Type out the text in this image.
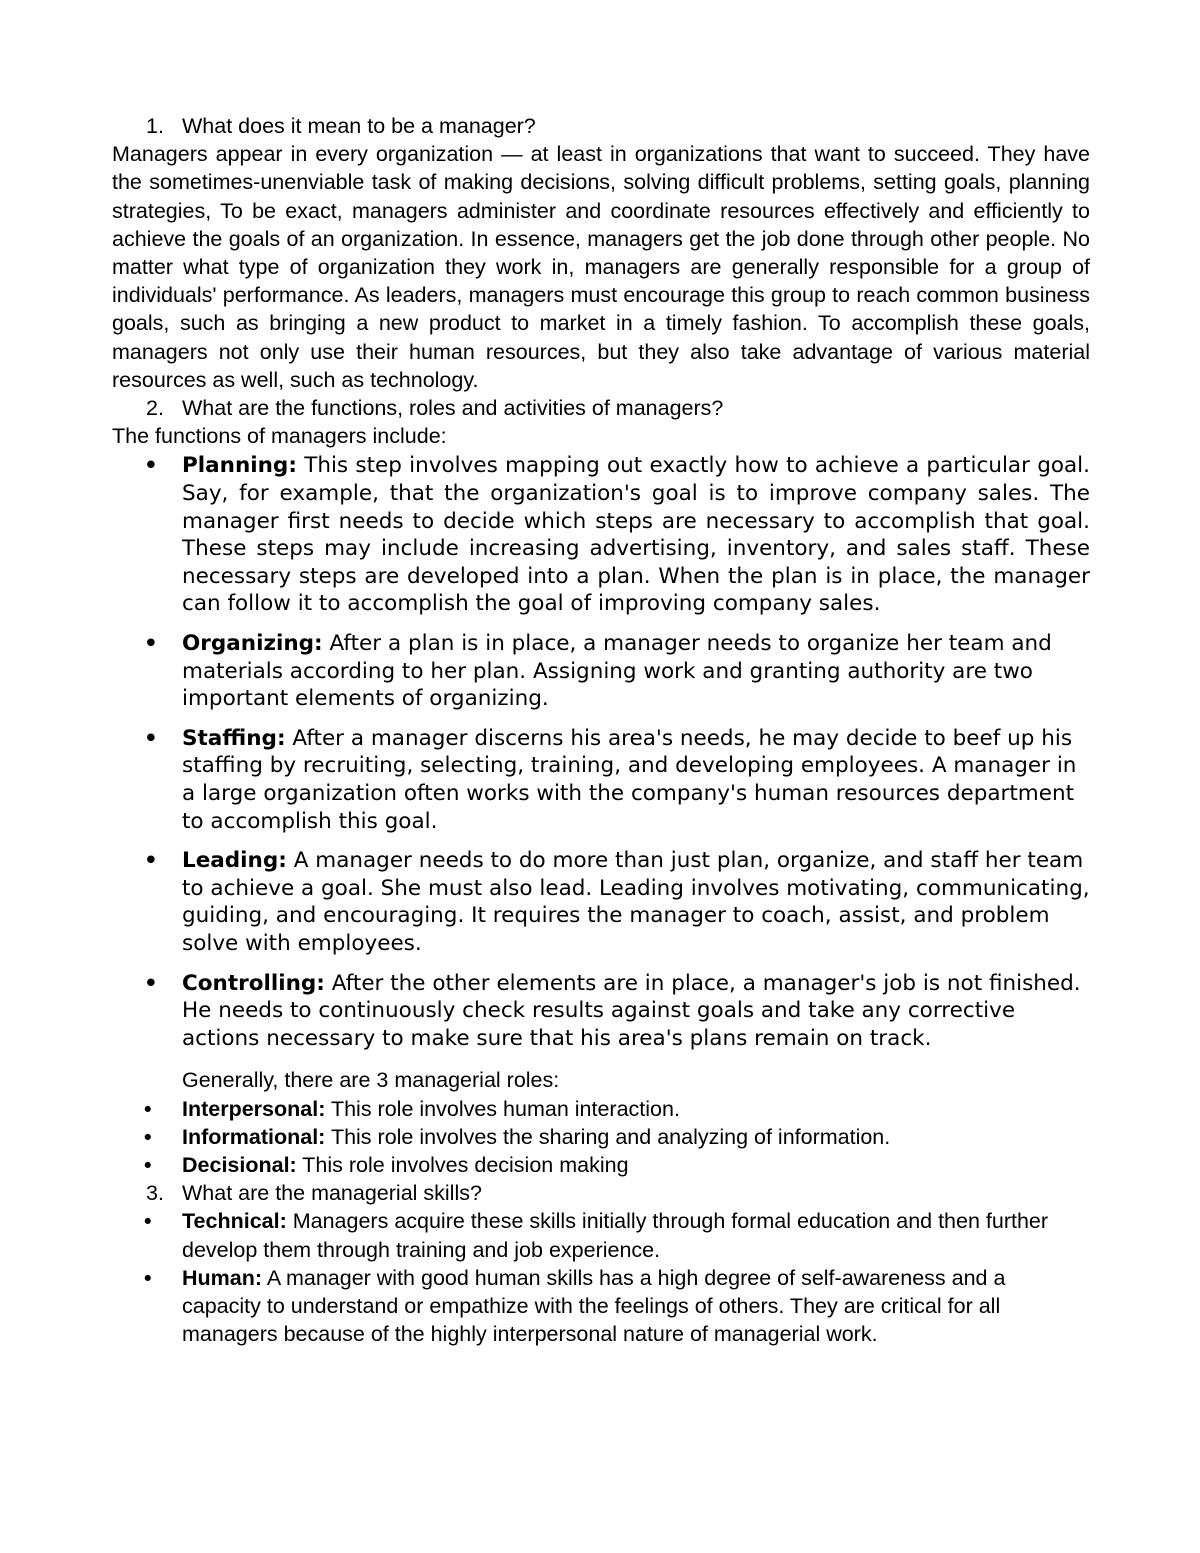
1. What does it mean to be a manager?

Managers appear in every organization — at least in organizations that want to succeed. They have the sometimes-unenviable task of making decisions, solving difficult problems, setting goals, planning strategies, To be exact, managers administer and coordinate resources effectively and efficiently to achieve the goals of an organization. In essence, managers get the job done through other people. No matter what type of organization they work in, managers are generally responsible for a group of individuals' performance. As leaders, managers must encourage this group to reach common business goals, such as bringing a new product to market in a timely fashion. To accomplish these goals, managers not only use their human resources, but they also take advantage of various material resources as well, such as technology.

2. What are the functions, roles and activities of managers?

The functions of managers include:

• Planning: This step involves mapping out exactly how to achieve a particular goal. Say, for example, that the organization's goal is to improve company sales. The manager first needs to decide which steps are necessary to accomplish that goal. These steps may include increasing advertising, inventory, and sales staff. These necessary steps are developed into a plan. When the plan is in place, the manager can follow it to accomplish the goal of improving company sales.
• Organizing: After a plan is in place, a manager needs to organize her team and materials according to her plan. Assigning work and granting authority are two important elements of organizing.
• Staffing: After a manager discerns his area's needs, he may decide to beef up his staffing by recruiting, selecting, training, and developing employees. A manager in a large organization often works with the company's human resources department to accomplish this goal.
• Leading: A manager needs to do more than just plan, organize, and staff her team to achieve a goal. She must also lead. Leading involves motivating, communicating, guiding, and encouraging. It requires the manager to coach, assist, and problem solve with employees.
• Controlling: After the other elements are in place, a manager's job is not finished. He needs to continuously check results against goals and take any corrective actions necessary to make sure that his area's plans remain on track.

Generally, there are 3 managerial roles:

• Interpersonal: This role involves human interaction.
• Informational: This role involves the sharing and analyzing of information.
• Decisional: This role involves decision making
3. What are the managerial skills?
• Technical: Managers acquire these skills initially through formal education and then further develop them through training and job experience.
• Human: A manager with good human skills has a high degree of self-awareness and a capacity to understand or empathize with the feelings of others. They are critical for all managers because of the highly interpersonal nature of managerial work.
